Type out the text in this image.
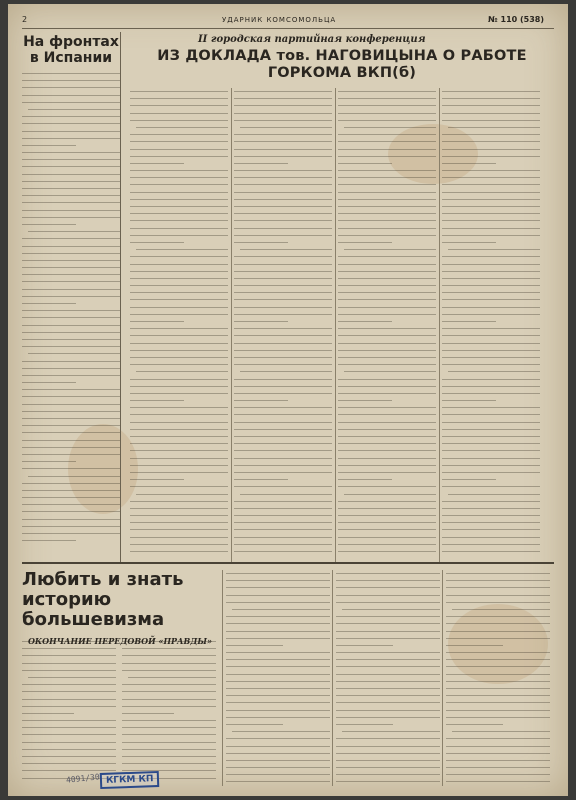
2	УДАРНИК КОМСОМОЛЬЦА	№ 110 (538)
На фронтах
в Испании
II городская партийная конференция
ИЗ ДОКЛАДА тов. НАГОВИЦЫНА О РАБОТЕ
ГОРКОМА ВКП(б)
Любить и знать историю
большевизма
ОКОНЧАНИЕ ПЕРЕДОВОЙ «ПРАВДЫ»
4091/30 КГКМ КП
